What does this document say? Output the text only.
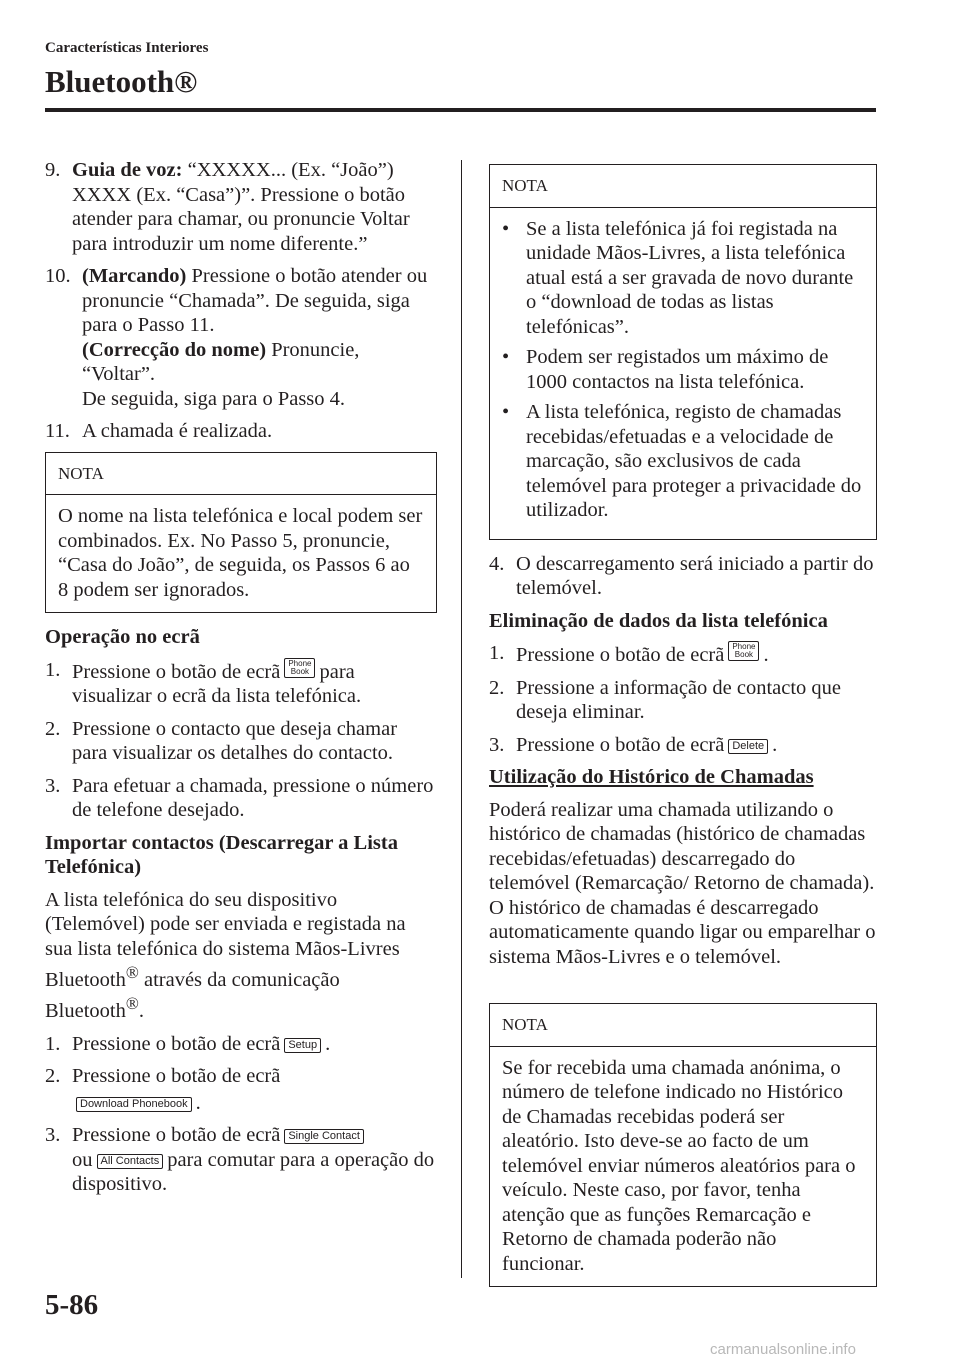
Características Interiores
Bluetooth®
9. Guia de voz: “XXXXX... (Ex. “João”) XXXX (Ex. “Casa”)”. Pressione o botão atender para chamar, ou pronuncie Voltar para introduzir um nome diferente.”
10. (Marcando) Pressione o botão atender ou pronuncie “Chamada”. De seguida, siga para o Passo 11.
(Correcção do nome) Pronuncie, “Voltar”.
De seguida, siga para o Passo 4.
11. A chamada é realizada.
NOTA
O nome na lista telefónica e local podem ser combinados. Ex. No Passo 5, pronuncie, “Casa do João”, de seguida, os Passos 6 ao 8 podem ser ignorados.
Operação no ecrã
1. Pressione o botão de ecrã Phone
Book para visualizar o ecrã da lista telefónica.
2. Pressione o contacto que deseja chamar para visualizar os detalhes do contacto.
3. Para efetuar a chamada, pressione o número de telefone desejado.
Importar contactos (Descarregar a Lista Telefónica)
A lista telefónica do seu dispositivo (Telemóvel) pode ser enviada e registada na sua lista telefónica do sistema Mãos-Livres Bluetooth® através da comunicação Bluetooth®.
1. Pressione o botão de ecrã Setup .
2. Pressione o botão de ecrã
Download Phonebook .
3. Pressione o botão de ecrã Single Contact
ou All Contacts para comutar para a operação do dispositivo.
NOTA
• Se a lista telefónica já foi registada na unidade Mãos-Livres, a lista telefónica atual está a ser gravada de novo durante o “download de todas as listas telefónicas”.
• Podem ser registados um máximo de 1000 contactos na lista telefónica.
• A lista telefónica, registo de chamadas recebidas/efetuadas e a velocidade de marcação, são exclusivos de cada telemóvel para proteger a privacidade do utilizador.
4. O descarregamento será iniciado a partir do telemóvel.
Eliminação de dados da lista telefónica
1. Pressione o botão de ecrã Phone
Book .
2. Pressione a informação de contacto que deseja eliminar.
3. Pressione o botão de ecrã Delete .
Utilização do Histórico de Chamadas
Poderá realizar uma chamada utilizando o histórico de chamadas (histórico de chamadas recebidas/efetuadas) descarregado do telemóvel (Remarcação/ Retorno de chamada).
O histórico de chamadas é descarregado automaticamente quando ligar ou emparelhar o sistema Mãos-Livres e o telemóvel.
NOTA
Se for recebida uma chamada anónima, o número de telefone indicado no Histórico de Chamadas recebidas poderá ser aleatório. Isto deve-se ao facto de um telemóvel enviar números aleatórios para o veículo. Neste caso, por favor, tenha atenção que as funções Remarcação e Retorno de chamada poderão não funcionar.
5-86
carmanualsonline.info
